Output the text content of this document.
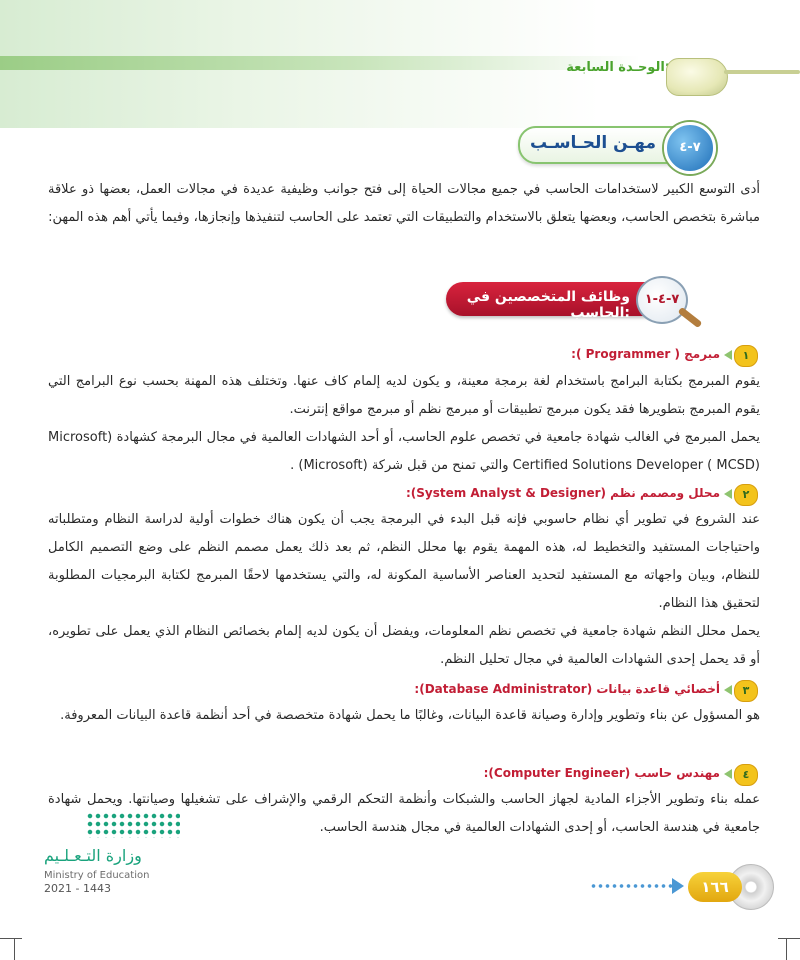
الوحـدة السابعة
مهـن الحـاسـب	٧-٤

أدى التوسع الكبير لاستخدامات الحاسب في جميع مجالات الحياة إلى فتح جوانب وظيفية عديدة في مجالات العمل، بعضها ذو علاقة مباشرة بتخصص الحاسب، وبعضها يتعلق بالاستخدام والتطبيقات التي تعتمد على الحاسب لتنفيذها وإنجازها، وفيما يأتي أهم هذه المهن:

وظائف المتخصصين في الحاسب:
٧-٤-١
١
مبرمج ( Programmer ):

يقوم المبرمج بكتابة البرامج باستخدام لغة برمجة معينة، و يكون لديه إلمام كاف عنها. وتختلف هذه المهنة بحسب نوع البرامج التي يقوم المبرمج بتطويرها فقد يكون مبرمج تطبيقات أو مبرمج نظم أو مبرمج مواقع إنترنت.

يحمل المبرمج في الغالب شهادة جامعية في تخصص علوم الحاسب، أو أحد الشهادات العالمية في مجال البرمجة كشهادة (Microsoft Certified Solutions Developer ( MCSD) والتي تمنح من قبل شركة (Microsoft) .

٢
محلل ومصمم نظم (System Analyst & Designer):

عند الشروع في تطوير أي نظام حاسوبي فإنه قبل البدء في البرمجة يجب أن يكون هناك خطوات أولية لدراسة النظام ومتطلباته واحتياجات المستفيد والتخطيط له، هذه المهمة يقوم بها محلل النظم، ثم بعد ذلك يعمل مصمم النظم على وضع التصميم الكامل للنظام، وبيان واجهاته مع المستفيد لتحديد العناصر الأساسية المكونة له، والتي يستخدمها لاحقًا المبرمج لكتابة البرمجيات المطلوبة لتحقيق هذا النظام.

يحمل محلل النظم شهادة جامعية في تخصص نظم المعلومات، ويفضل أن يكون لديه إلمام بخصائص النظام الذي يعمل على تطويره، أو قد يحمل إحدى الشهادات العالمية في مجال تحليل النظم.

٣
أخصائي قاعدة بيانات (Database Administrator):

هو المسؤول عن بناء وتطوير وإدارة وصيانة قاعدة البيانات، وغالبًا ما يحمل شهادة متخصصة في أحد أنظمة قاعدة البيانات المعروفة.

٤
مهندس حاسب (Computer Engineer):

عمله بناء وتطوير الأجزاء المادية لجهاز الحاسب والشبكات وأنظمة التحكم الرقمي والإشراف على تشغيلها وصيانتها. ويحمل شهادة جامعية في هندسة الحاسب، أو إحدى الشهادات العالمية في مجال هندسة الحاسب.

وزارة التـعـلـيم
Ministry of Education
2021 - 1443	١٦٦
